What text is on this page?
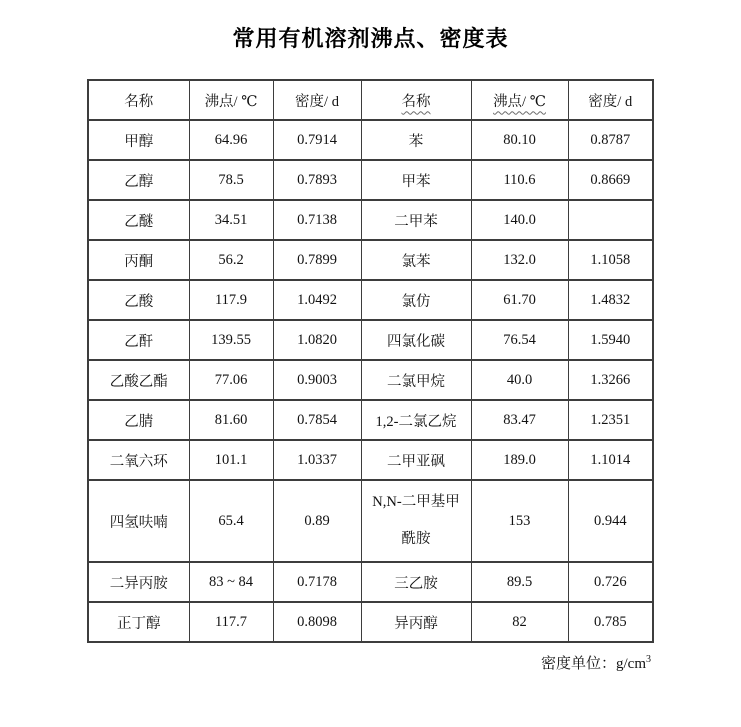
常用有机溶剂沸点、密度表
名称	沸点/ ℃	密度/ d	名称	沸点/ ℃	密度/ d
甲醇	64.96	0.7914	苯	80.10	0.8787
乙醇	78.5	0.7893	甲苯	110.6	0.8669
乙醚	34.51	0.7138	二甲苯	140.0	
丙酮	56.2	0.7899	氯苯	132.0	1.1058
乙酸	117.9	1.0492	氯仿	61.70	1.4832
乙酐	139.55	1.0820	四氯化碳	76.54	1.5940
乙酸乙酯	77.06	0.9003	二氯甲烷	40.0	1.3266
乙腈	81.60	0.7854	1,2-二氯乙烷	83.47	1.2351
二氧六环	101.1	1.0337	二甲亚砜	189.0	1.1014
四氢呋喃	65.4	0.89	N,N-二甲基甲酰胺	153	0.944
二异丙胺	83 ~ 84	0.7178	三乙胺	89.5	0.726
正丁醇	117.7	0.8098	异丙醇	82	0.785
密度单位：$g/cm^3$
